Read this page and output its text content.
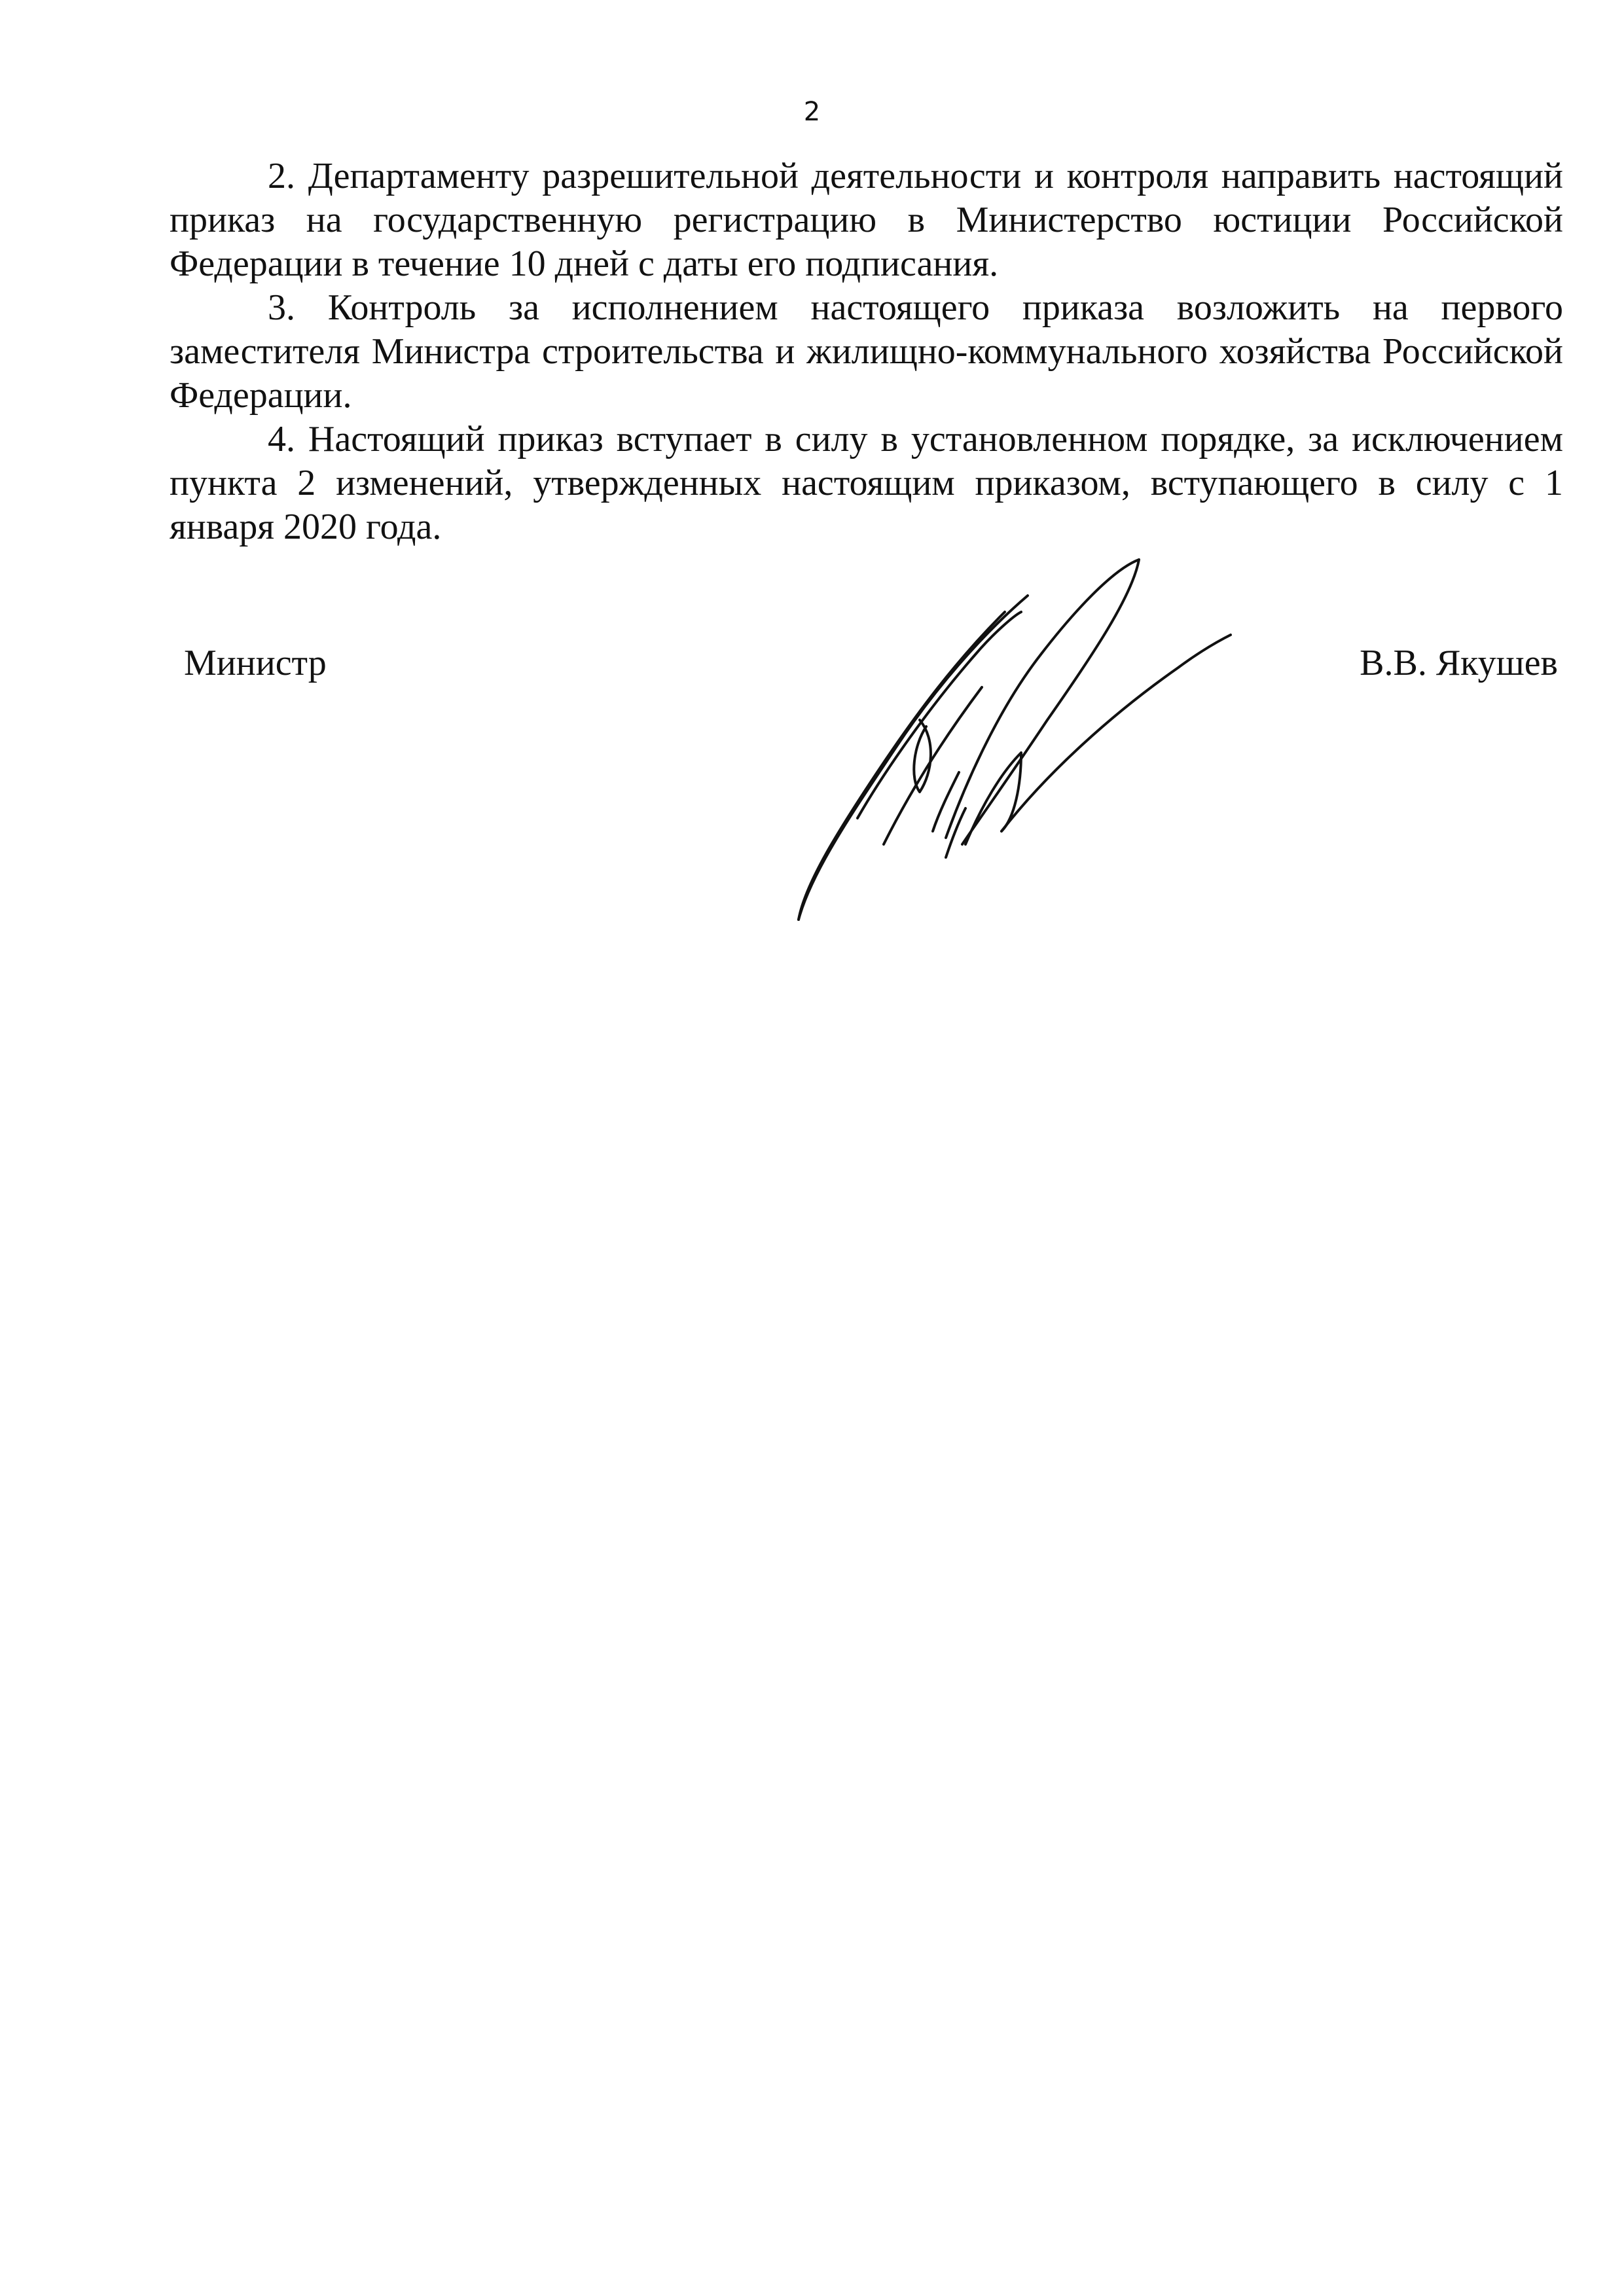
2

2. Департаменту разрешительной деятельности и контроля направить настоящий приказ на государственную регистрацию в Министерство юстиции Российской Федерации в течение 10 дней с даты его подписания.

3. Контроль за исполнением настоящего приказа возложить на первого заместителя Министра строительства и жилищно-коммунального хозяйства Российской Федерации.

4. Настоящий приказ вступает в силу в установленном порядке, за исключением пункта 2 изменений, утвержденных настоящим приказом, вступающего в силу с 1 января 2020 года.

Министр	В.В. Якушев
